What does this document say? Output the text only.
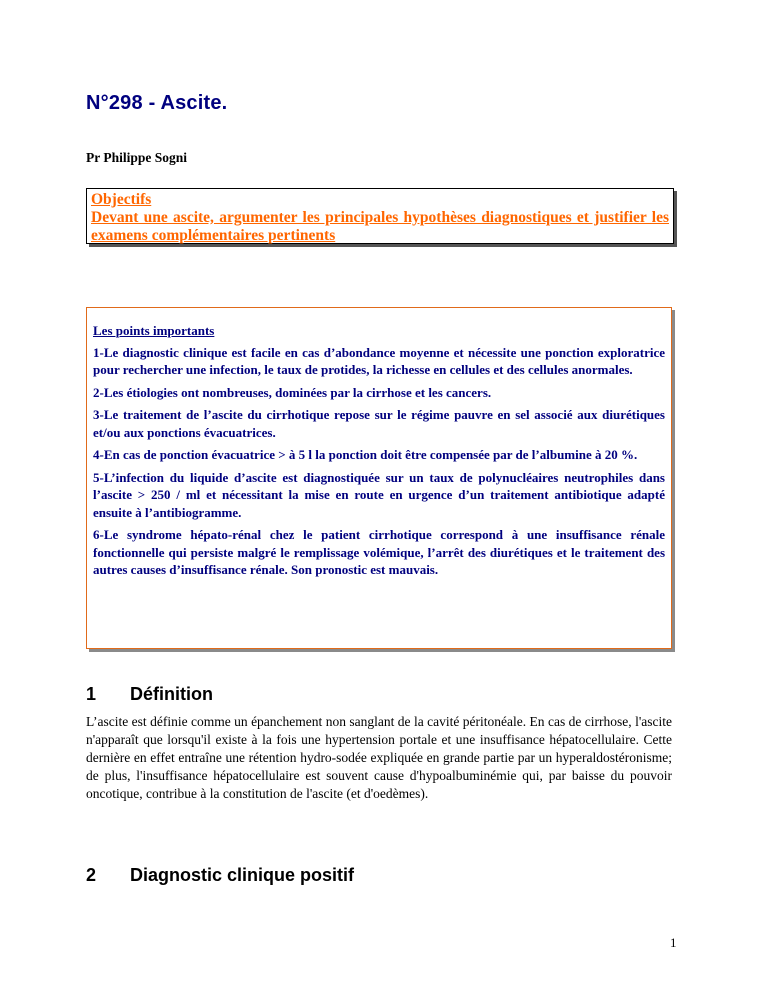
N°298 - Ascite.
Pr Philippe Sogni
Objectifs
Devant une ascite, argumenter les principales hypothèses diagnostiques et justifier les examens complémentaires pertinents
Les points importants

1-Le diagnostic clinique est facile en cas d’abondance moyenne et nécessite une ponction exploratrice pour rechercher une infection, le taux de protides, la richesse en cellules et des cellules anormales.

2-Les étiologies ont nombreuses, dominées par la cirrhose et les cancers.

3-Le traitement de l’ascite du cirrhotique repose sur le régime pauvre en sel associé aux diurétiques et/ou aux ponctions évacuatrices.

4-En cas de ponction évacuatrice > à 5 l la ponction doit être compensée par de l’albumine à 20 %.

5-L’infection du liquide d’ascite est diagnostiquée sur un taux de polynucléaires neutrophiles dans l’ascite > 250 / ml et nécessitant la mise en route en urgence d’un traitement antibiotique adapté ensuite à l’antibiogramme.

6-Le syndrome hépato-rénal chez le patient cirrhotique correspond à une insuffisance rénale fonctionnelle qui persiste malgré le remplissage volémique, l’arrêt des diurétiques et le traitement des autres causes d’insuffisance rénale. Son pronostic est mauvais.

1 Définition
L’ascite est définie comme un épanchement non sanglant de la cavité péritonéale. En cas de cirrhose, l'ascite n'apparaît que lorsqu'il existe à la fois une hypertension portale et une insuffisance hépatocellulaire. Cette dernière en effet entraîne une rétention hydro-sodée expliquée en grande partie par un hyperaldostéronisme; de plus, l'insuffisance hépatocellulaire est souvent cause d'hypoalbuminémie qui, par baisse du pouvoir oncotique, contribue à la constitution de l'ascite (et d'oedèmes).
2 Diagnostic clinique positif
1
